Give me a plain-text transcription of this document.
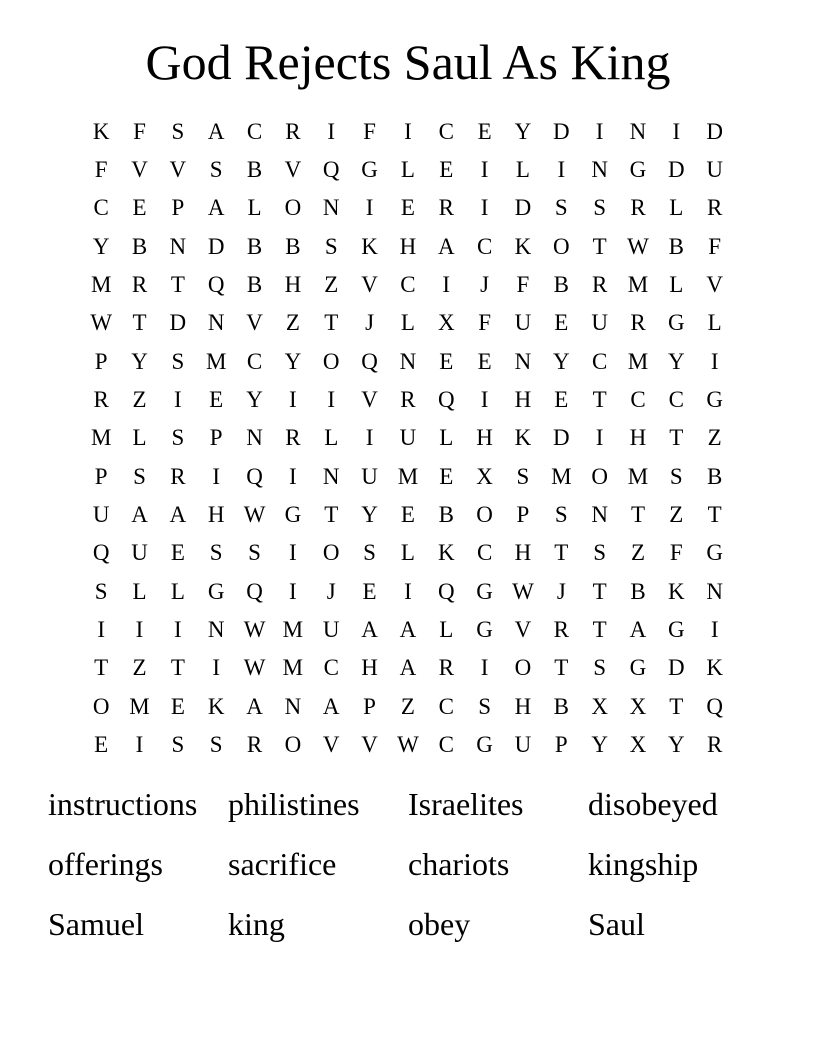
God Rejects Saul As King
K	F	S	A C	R	I	F	I	C	E	Y D	I	N	I	D
F	V V	S	B V Q G	L	E	I	L	I	N G D U
C	E	P	A	L	O N	I	E	R	I	D	S	S	R	L	R
Y B N D B	B	S	K H A C K O	T W B	F
M R	T	Q B H	Z	V C	I	J	F	B	R M L	V
W T	D N V	Z	T	J	L	X	F	U	E	U R G	L
P	Y	S M C Y O Q N	E	E	N Y C M Y	I
R	Z	I	E	Y	I	I	V R Q	I	H	E	T	C	C G
M L	S	P	N R	L	I	U	L	H K D	I	H	T	Z
P	S	R	I	Q	I	N U M E	X	S M O M S	B
U A A H W G	T	Y	E	B O	P	S	N	T	Z	T
Q U	E	S	S	I	O	S	L	K C H	T	S	Z	F	G
S	L	L	G Q	I	J	E	I	Q G W	J	T	B K N
I	I	I	N W M U A A	L	G V R	T	A G	I
T	Z	T	I	W M C H A R	I	O	T	S	G D K
O M E	K A N A	P	Z	C	S	H B X X	T	Q
E	I	S	S	R O V V W C G U	P	Y X Y R
instructions philistines	Israelites	disobeyed
offerings	sacrifice	chariots	kingship
Samuel	king	obey	Saul
